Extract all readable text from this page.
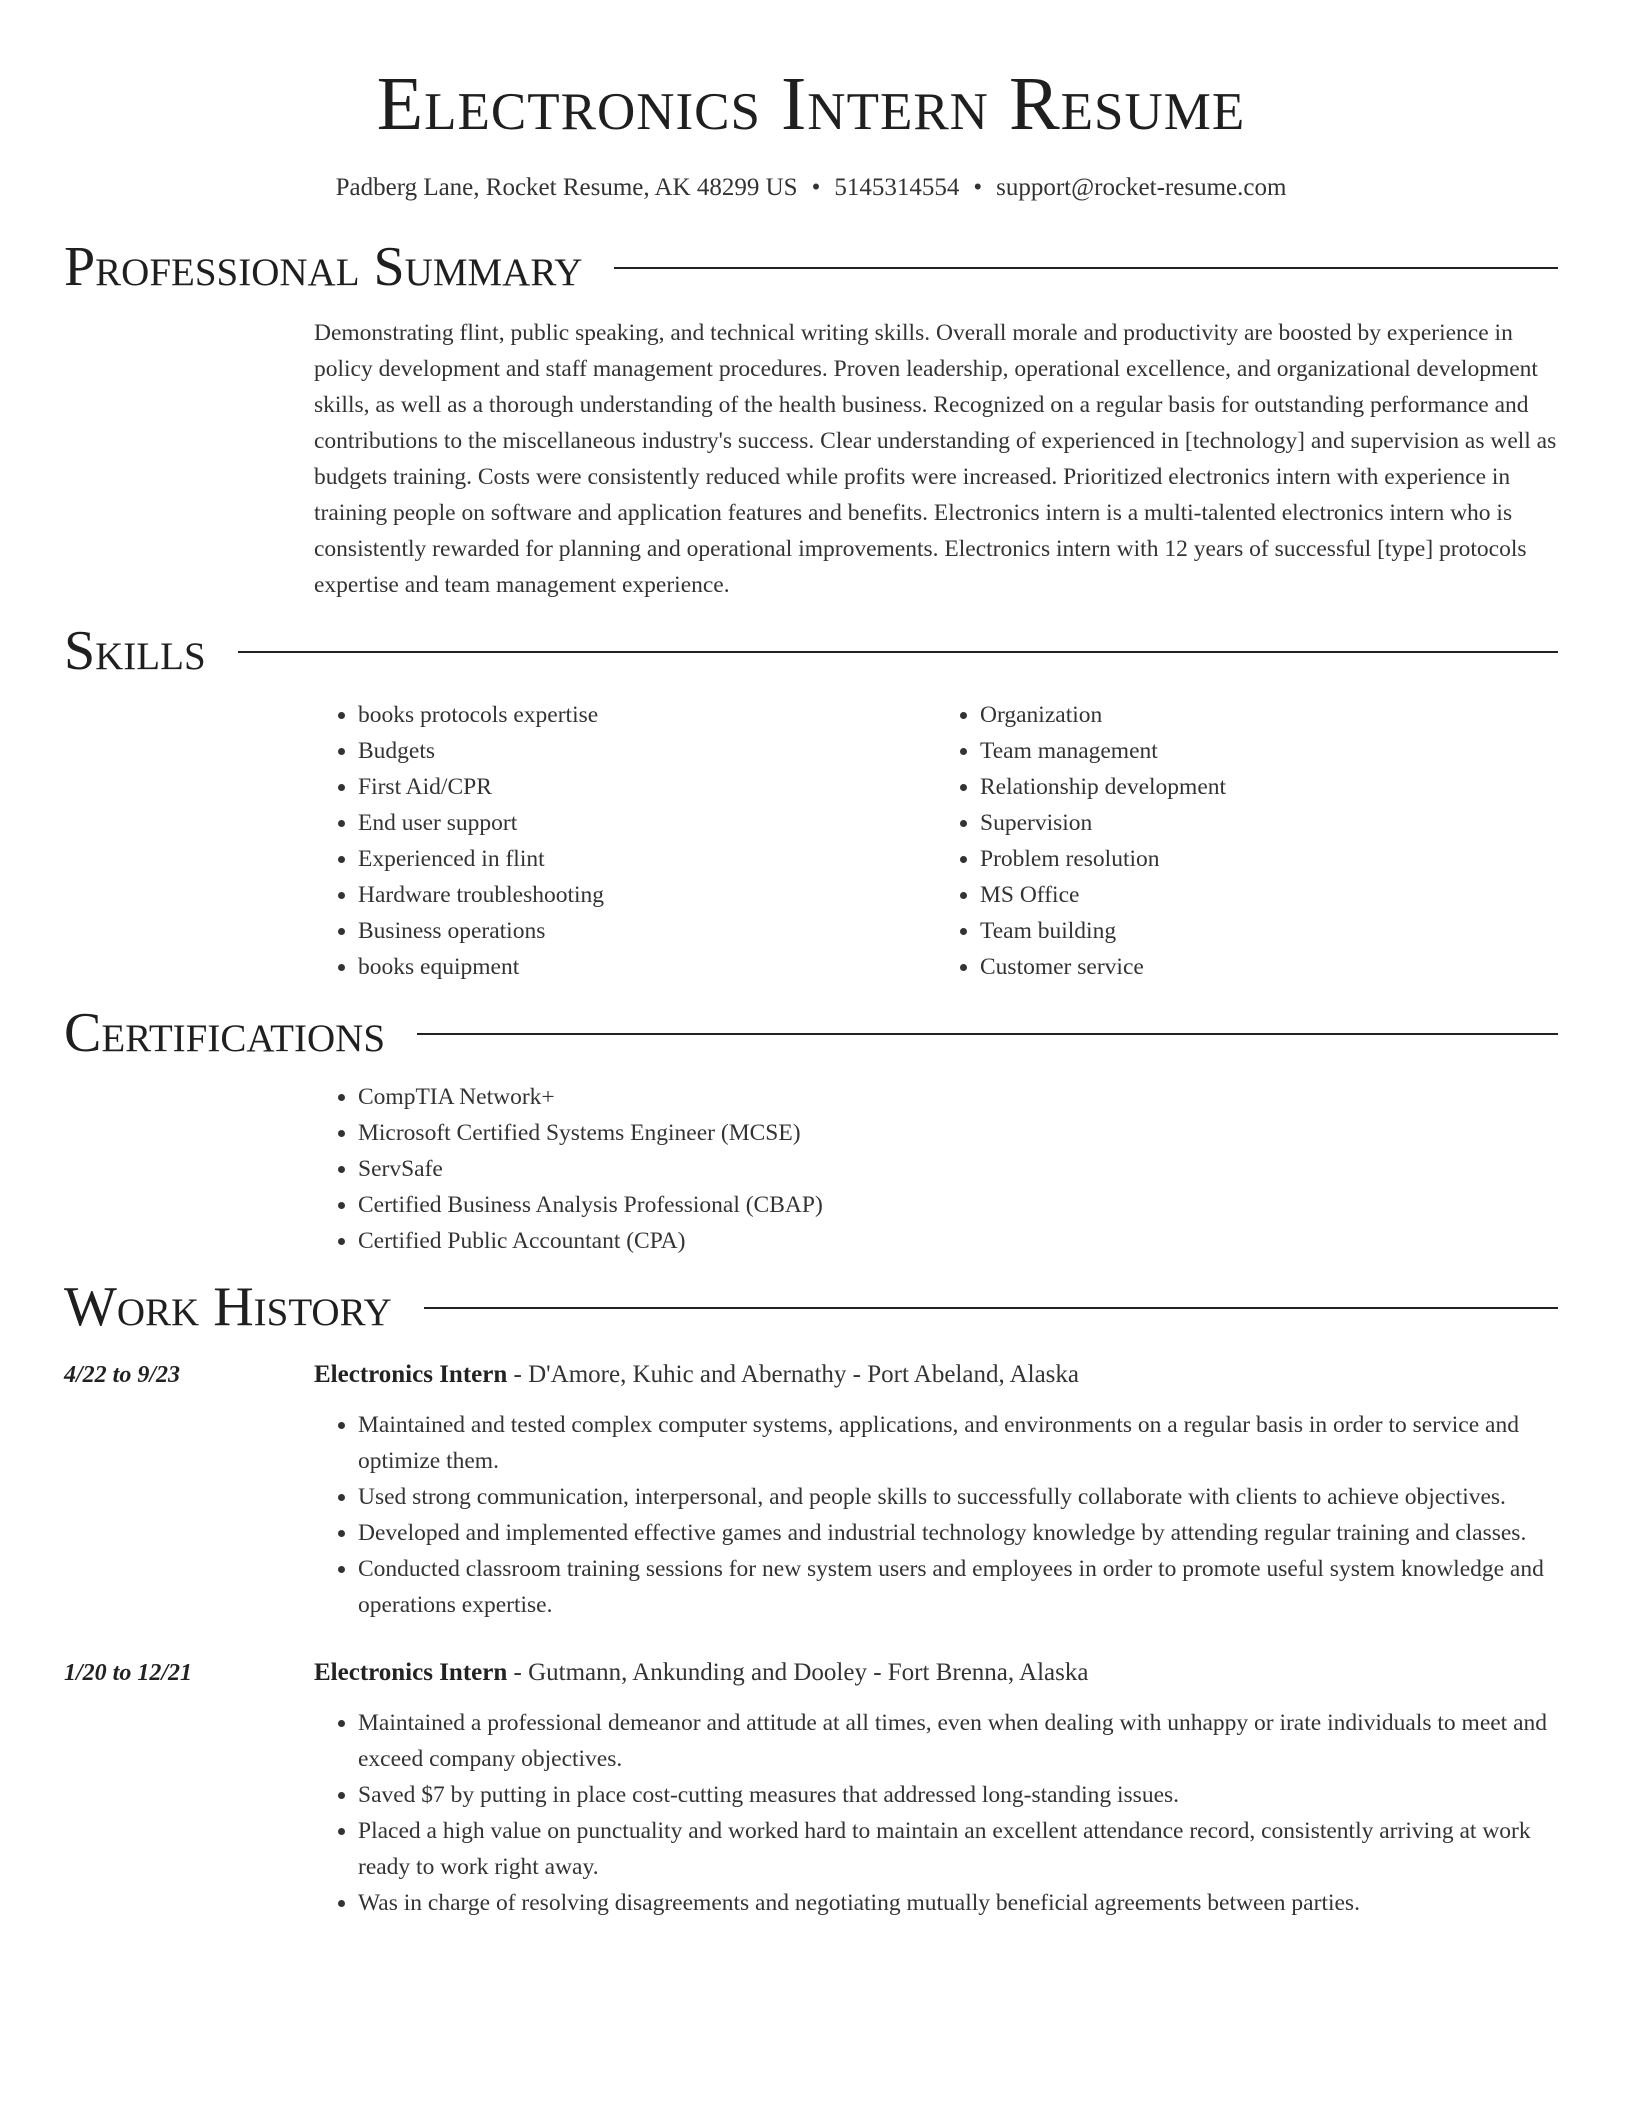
Electronics Intern Resume
Padberg Lane, Rocket Resume, AK 48299 US • 5145314554 • support@rocket-resume.com
Professional Summary

Demonstrating flint, public speaking, and technical writing skills. Overall morale and productivity are boosted by experience in policy development and staff management procedures. Proven leadership, operational excellence, and organizational development skills, as well as a thorough understanding of the health business. Recognized on a regular basis for outstanding performance and contributions to the miscellaneous industry's success. Clear understanding of experienced in [technology] and supervision as well as budgets training. Costs were consistently reduced while profits were increased. Prioritized electronics intern with experience in training people on software and application features and benefits. Electronics intern is a multi-talented electronics intern who is consistently rewarded for planning and operational improvements. Electronics intern with 12 years of successful [type] protocols expertise and team management experience.

Skills
• books protocols expertise
• Budgets
• First Aid/CPR
• End user support
• Experienced in flint
• Hardware troubleshooting
• Business operations
• books equipment
• Organization
• Team management
• Relationship development
• Supervision
• Problem resolution
• MS Office
• Team building
• Customer service
Certifications
• CompTIA Network+
• Microsoft Certified Systems Engineer (MCSE)
• ServSafe
• Certified Business Analysis Professional (CBAP)
• Certified Public Accountant (CPA)
Work History
4/22 to 9/23	Electronics Intern - D'Amore, Kuhic and Abernathy - Port Abeland, Alaska
• Maintained and tested complex computer systems, applications, and environments on a regular basis in order to service and optimize them.
• Used strong communication, interpersonal, and people skills to successfully collaborate with clients to achieve objectives.
• Developed and implemented effective games and industrial technology knowledge by attending regular training and classes.
• Conducted classroom training sessions for new system users and employees in order to promote useful system knowledge and operations expertise.
1/20 to 12/21	Electronics Intern - Gutmann, Ankunding and Dooley - Fort Brenna, Alaska
• Maintained a professional demeanor and attitude at all times, even when dealing with unhappy or irate individuals to meet and exceed company objectives.
• Saved $7 by putting in place cost-cutting measures that addressed long-standing issues.
• Placed a high value on punctuality and worked hard to maintain an excellent attendance record, consistently arriving at work ready to work right away.
• Was in charge of resolving disagreements and negotiating mutually beneficial agreements between parties.
